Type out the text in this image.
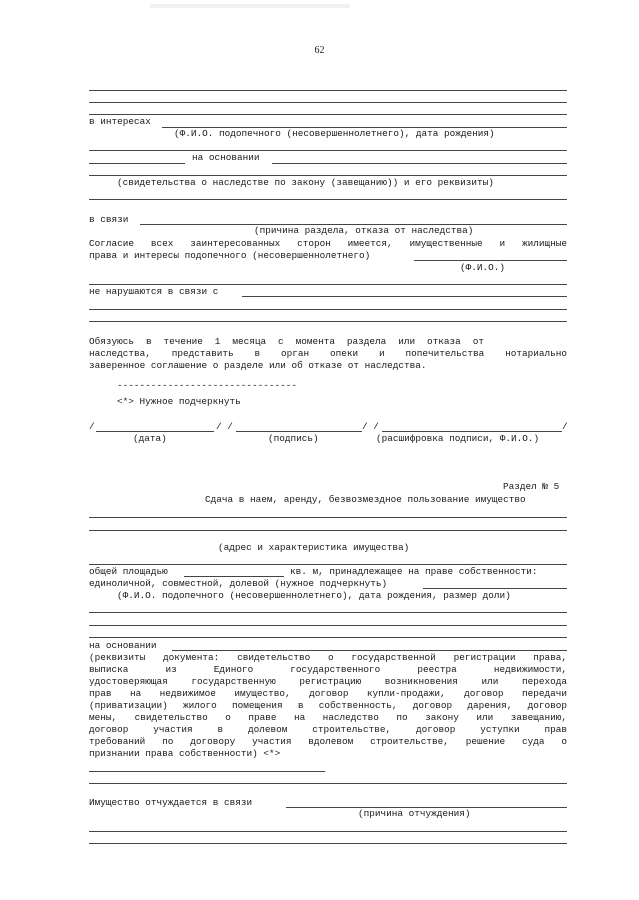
62
в интересах
(Ф.И.О. подопечного (несовершеннолетнего), дата рождения)
на основании
(свидетельства о наследстве по закону (завещанию)) и его реквизиты)
в связи
(причина раздела, отказа от наследства)
Согласие всех заинтересованных сторон имеется, имущественные и жилищные
права и интересы подопечного (несовершеннолетнего)
(Ф.И.О.)
не нарушаются в связи с
Обязуюсь в течение 1 месяца с момента раздела или отказа от
наследства, представить в орган опеки и попечительства нотариально
заверенное соглашение о разделе или об отказе от наследства.
--------------------------------
<*> Нужное подчеркнуть
/	/ /	/ /	/
(дата)	(подпись)	(расшифровка подписи, Ф.И.О.)
Раздел № 5
Сдача в наем, аренду, безвозмездное пользование имущество
(адрес и характеристика имущества)
общей площадью	кв. м, принадлежащее на праве собственности:
единоличной, совместной, долевой (нужное подчеркнуть)
(Ф.И.О. подопечного (несовершеннолетнего), дата рождения, размер доли)
на основании
(реквизиты документа: свидетельство о государственной регистрации права,
выписка из Единого государственного реестра недвижимости,
удостоверяющая государственную регистрацию возникновения или перехода
прав на недвижимое имущество, договор купли-продажи, договор передачи
(приватизации) жилого помещения в собственность, договор дарения, договор
мены, свидетельство о праве на наследство по закону или завещанию,
договор участия в долевом строительстве, договор уступки прав
требований по договору участия вдолевом строительстве, решение суда о
признании права собственности) <*>
Имущество отчуждается в связи
(причина отчуждения)
